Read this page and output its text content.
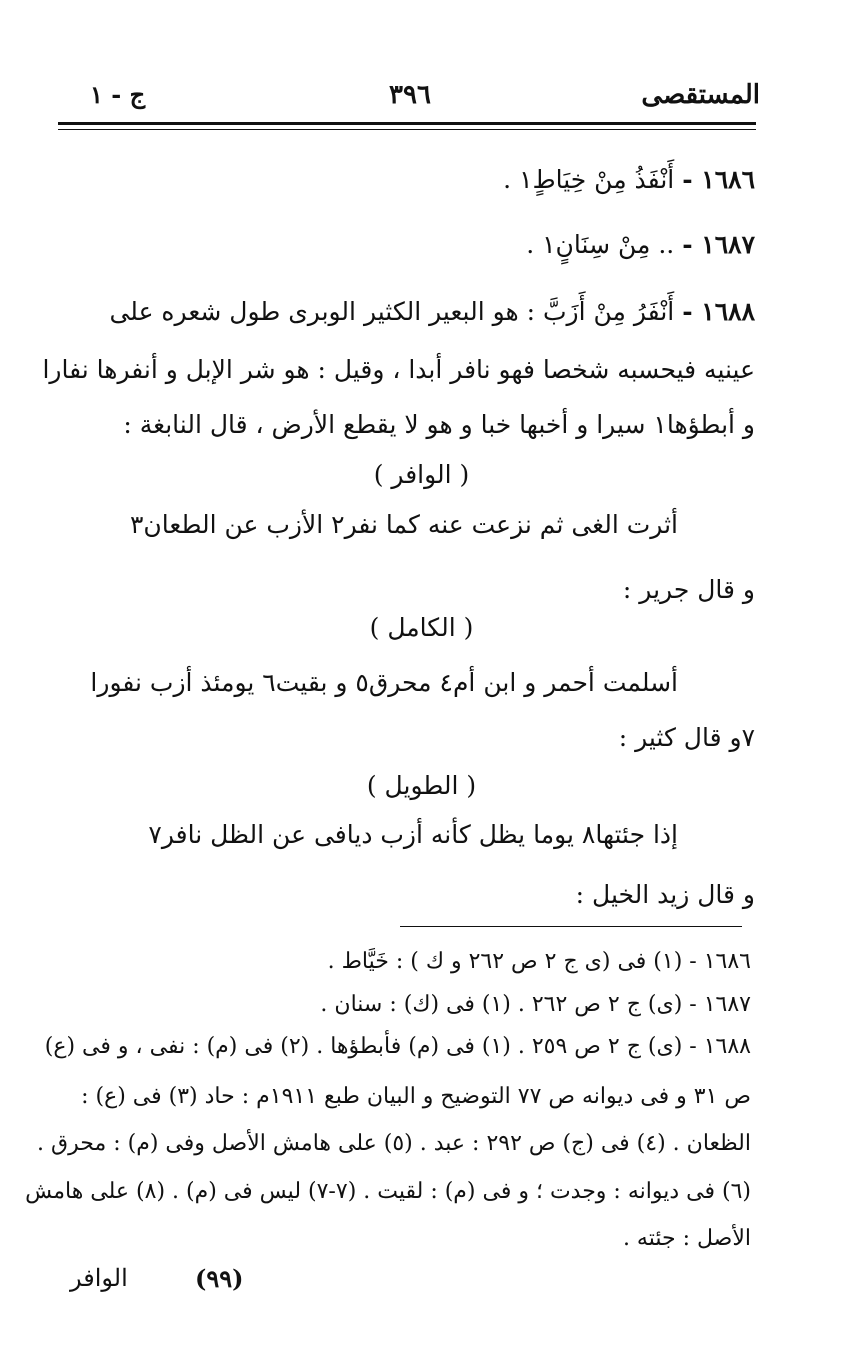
المستقصى
٣٩٦
ج - ١
١٦٨٦ - أَنْفَذُ مِنْ خِيَاطٍ١ .
١٦٨٧ - .. مِنْ سِنَانٍ١ .
١٦٨٨ - أَنْفَرُ مِنْ أَزَبَّ : هو البعير الكثير الوبرى طول شعره على
عينيه فيحسبه شخصا فهو نافر أبدا ، وقيل : هو شر الإبل و أنفرها نفارا
و أبطؤها١ سيرا و أخبها خبا و هو لا يقطع الأرض ، قال النابغة :
( الوافر )
أثرت الغى ثم نزعت عنه كما نفر٢ الأزب عن الطعان٣
و قال جرير :
( الكامل )
أسلمت أحمر و ابن أم٤ محرق٥ و بقيت٦ يومئذ أزب نفورا
٧و قال كثير :
( الطويل )
إذا جئتها٨ يوما يظل كأنه أزب ديافى عن الظل نافر٧
و قال زيد الخيل :
١٦٨٦ - (١) فى (ى ج ٢ ص ٢٦٢ و ك ) : خَيَّاط .
١٦٨٧ - (ى) ج ٢ ص ٢٦٢ . (١) فى (ك) : سنان .
١٦٨٨ - (ى) ج ٢ ص ٢٥٩ . (١) فى (م) فأبطؤها . (٢) فى (م) : نفى ، و فى (ع)
ص ٣١ و فى ديوانه ص ٧٧ التوضيح و البيان طبع ١٩١١م : حاد (٣) فى (ع) :
الظعان . (٤) فى (ج) ص ٢٩٢ : عبد . (٥) على هامش الأصل وفى (م) : محرق .
(٦) فى ديوانه : وجدت ؛ و فى (م) : لقيت . (٧-٧) ليس فى (م) . (٨) على هامش
الأصل : جئته .
(٩٩)
الوافر
